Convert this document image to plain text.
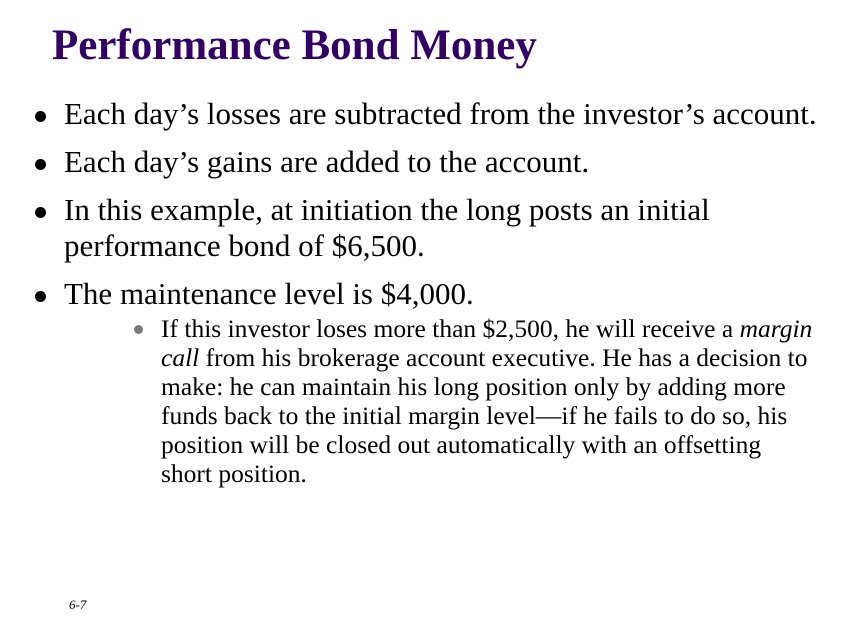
Performance Bond Money
Each day’s losses are subtracted from the investor’s account.
Each day’s gains are added to the account.
In this example, at initiation the long posts an initial performance bond of $6,500.
The maintenance level is $4,000.
If this investor loses more than $2,500, he will receive a margin call from his brokerage account executive. He has a decision to make: he can maintain his long position only by adding more funds back to the initial margin level—if he fails to do so, his position will be closed out automatically with an offsetting short position.
6-7
